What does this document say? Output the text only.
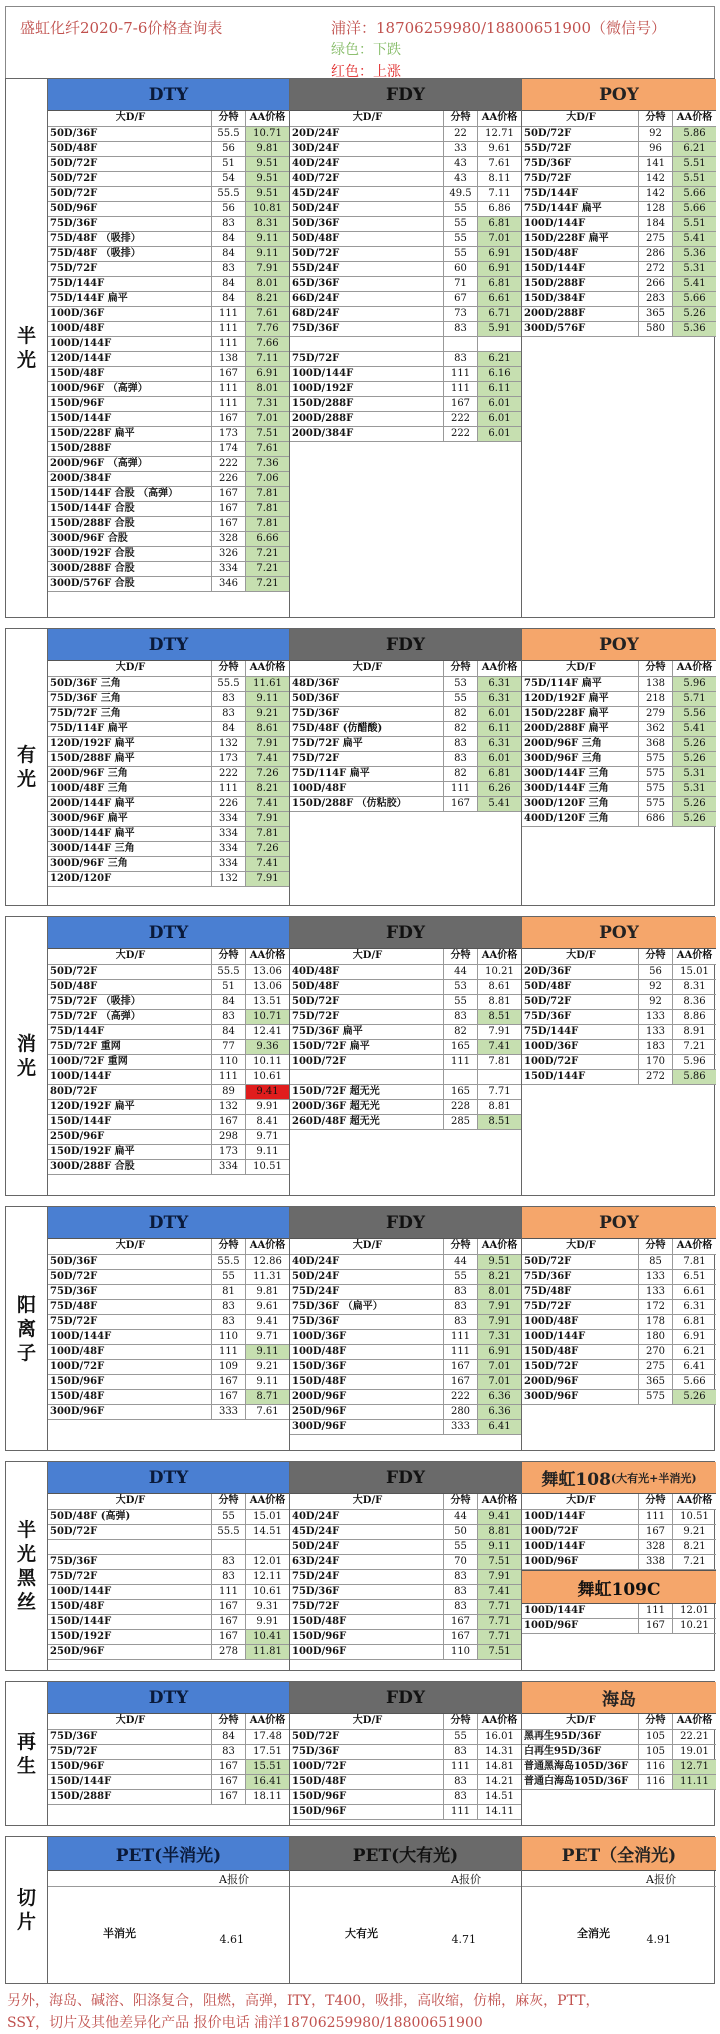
盛虹化纤2020-7-6价格查询表	浦洋：18706259980/18800651900（微信号）
绿色：下跌
红色：上涨
半光
DTY
大D/F	分特	AA价格
50D/36F	55.5	10.71
50D/48F	56	9.81
50D/72F	51	9.51
50D/72F	54	9.51
50D/72F	55.5	9.51
50D/96F	56	10.81
75D/36F	83	8.31
75D/48F （吸排）	84	9.11
75D/48F （吸排）	84	9.11
75D/72F	83	7.91
75D/144F	84	8.01
75D/144F 扁平	84	8.21
100D/36F	111	7.61
100D/48F	111	7.76
100D/144F	111	7.66
120D/144F	138	7.11
150D/48F	167	6.91
100D/96F （高弹）	111	8.01
150D/96F	111	7.31
150D/144F	167	7.01
150D/228F 扁平	173	7.51
150D/288F	174	7.61
200D/96F （高弹）	222	7.36
200D/384F	226	7.06
150D/144F 合股 （高弹）	167	7.81
150D/144F 合股	167	7.81
150D/288F 合股	167	7.81
300D/96F 合股	328	6.66
300D/192F 合股	326	7.21
300D/288F 合股	334	7.21
300D/576F 合股	346	7.21
FDY
大D/F	分特	AA价格
20D/24F	22	12.71
30D/24F	33	9.61
40D/24F	43	7.61
40D/72F	43	8.11
45D/24F	49.5	7.11
50D/24F	55	6.86
50D/36F	55	6.81
50D/48F	55	7.01
50D/72F	55	6.91
55D/24F	60	6.91
65D/36F	71	6.81
66D/24F	67	6.61
68D/24F	73	6.71
75D/36F	83	5.91
75D/72F	83	6.21
100D/144F	111	6.16
100D/192F	111	6.11
150D/288F	167	6.01
200D/288F	222	6.01
200D/384F	222	6.01
POY
大D/F	分特	AA价格
50D/72F	92	5.86
55D/72F	96	6.21
75D/36F	141	5.51
75D/72F	142	5.51
75D/144F	142	5.66
75D/144F 扁平	128	5.66
100D/144F	184	5.51
150D/228F 扁平	275	5.41
150D/48F	286	5.36
150D/144F	272	5.31
150D/288F	266	5.41
150D/384F	283	5.66
200D/288F	365	5.26
300D/576F	580	5.36
有光
DTY
大D/F	分特	AA价格
50D/36F 三角	55.5	11.61
75D/36F 三角	83	9.11
75D/72F 三角	83	9.21
75D/114F 扁平	84	8.61
120D/192F 扁平	132	7.91
150D/288F 扁平	173	7.41
200D/96F 三角	222	7.26
100D/48F 三角	111	8.21
200D/144F 扁平	226	7.41
300D/96F 扁平	334	7.91
300D/144F 扁平	334	7.81
300D/144F 三角	334	7.26
300D/96F 三角	334	7.41
120D/120F	132	7.91
FDY
大D/F	分特	AA价格
48D/36F	53	6.31
50D/36F	55	6.31
75D/36F	82	6.01
75D/48F (仿醋酸)	82	6.11
75D/72F 扁平	83	6.31
75D/72F	83	6.01
75D/114F 扁平	82	6.81
100D/48F	111	6.26
150D/288F （仿粘胶）	167	5.41
POY
大D/F	分特	AA价格
75D/114F 扁平	138	5.96
120D/192F 扁平	218	5.71
150D/228F 扁平	279	5.56
200D/288F 扁平	362	5.41
200D/96F 三角	368	5.26
300D/96F 三角	575	5.26
300D/144F 三角	575	5.31
300D/144F 三角	575	5.31
300D/120F 三角	575	5.26
400D/120F 三角	686	5.26
消光
DTY
大D/F	分特	AA价格
50D/72F	55.5	13.06
50D/48F	51	13.06
75D/72F （吸排）	84	13.51
75D/72F （高弹）	83	10.71
75D/144F	84	12.41
75D/72F 重网	77	9.36
100D/72F 重网	110	10.11
100D/144F	111	10.61
80D/72F	89	9.41
120D/192F 扁平	132	9.91
150D/144F	167	8.41
250D/96F	298	9.71
150D/192F 扁平	173	9.11
300D/288F 合股	334	10.51
FDY
大D/F	分特	AA价格
40D/48F	44	10.21
50D/48F	53	8.61
50D/72F	55	8.81
75D/72F	83	8.51
75D/36F 扁平	82	7.91
150D/72F 扁平	165	7.41
100D/72F	111	7.81
150D/72F 超无光	165	7.71
200D/36F 超无光	228	8.81
260D/48F 超无光	285	8.51
POY
大D/F	分特	AA价格
20D/36F	56	15.01
50D/48F	92	8.31
50D/72F	92	8.36
75D/36F	133	8.86
75D/144F	133	8.91
100D/36F	183	7.21
100D/72F	170	5.96
150D/144F	272	5.86
阳离子
DTY
大D/F	分特	AA价格
50D/36F	55.5	12.86
50D/72F	55	11.31
75D/36F	81	9.81
75D/48F	83	9.61
75D/72F	83	9.41
100D/144F	110	9.71
100D/48F	111	9.11
100D/72F	109	9.21
150D/96F	167	9.11
150D/48F	167	8.71
300D/96F	333	7.61
FDY
大D/F	分特	AA价格
40D/24F	44	9.51
50D/24F	55	8.21
75D/24F	83	8.01
75D/36F （扁平）	83	7.91
75D/36F	83	7.91
100D/36F	111	7.31
100D/48F	111	6.91
150D/36F	167	7.01
150D/48F	167	7.01
200D/96F	222	6.36
250D/96F	280	6.36
300D/96F	333	6.41
POY
大D/F	分特	AA价格
50D/72F	85	7.81
75D/36F	133	6.51
75D/48F	133	6.61
75D/72F	172	6.31
100D/48F	178	6.81
100D/144F	180	6.91
150D/48F	270	6.21
150D/72F	275	6.41
200D/96F	365	5.66
300D/96F	575	5.26
半光黑丝
DTY
大D/F	分特	AA价格
50D/48F (高弹)	55	15.01
50D/72F	55.5	14.51
75D/36F	83	12.01
75D/72F	83	12.11
100D/144F	111	10.61
150D/48F	167	9.31
150D/144F	167	9.91
150D/192F	167	10.41
250D/96F	278	11.81
FDY
大D/F	分特	AA价格
40D/24F	44	9.41
45D/24F	50	8.81
50D/24F	55	9.11
63D/24F	70	7.51
75D/24F	83	7.91
75D/36F	83	7.41
75D/72F	83	7.71
150D/48F	167	7.71
150D/96F	167	7.71
100D/96F	110	7.51
舞虹108 (大有光+半消光)
大D/F	分特	AA价格
100D/144F	111	10.51
100D/72F	167	9.21
100D/144F	328	8.21
100D/96F	338	7.21
舞虹109C
100D/144F	111	12.01
100D/96F	167	10.21
再生
DTY
大D/F	分特	AA价格
75D/36F	84	17.48
75D/72F	83	17.51
150D/96F	167	15.51
150D/144F	167	16.41
150D/288F	167	18.11
FDY
大D/F	分特	AA价格
50D/72F	55	16.01
75D/36F	83	14.31
100D/72F	111	14.81
150D/48F	83	14.21
150D/96F	83	14.51
150D/96F	111	14.11
海岛
大D/F	分特	AA价格
黑再生95D/36F	105	22.21
白再生95D/36F	105	19.01
普通黑海岛105D/36F	116	12.71
普通白海岛105D/36F	116	11.11
切片
PET(半消光)
A报价
半消光	4.61
PET(大有光)
A报价
大有光	4.71
PET（全消光)
A报价
全消光	4.91
另外，海岛、碱溶、阳涤复合，阻燃，高弹，ITY，T400，吸排，高收缩，仿棉，麻灰，PTT，
SSY，切片及其他差异化产品 报价电话 浦洋18706259980/18800651900
